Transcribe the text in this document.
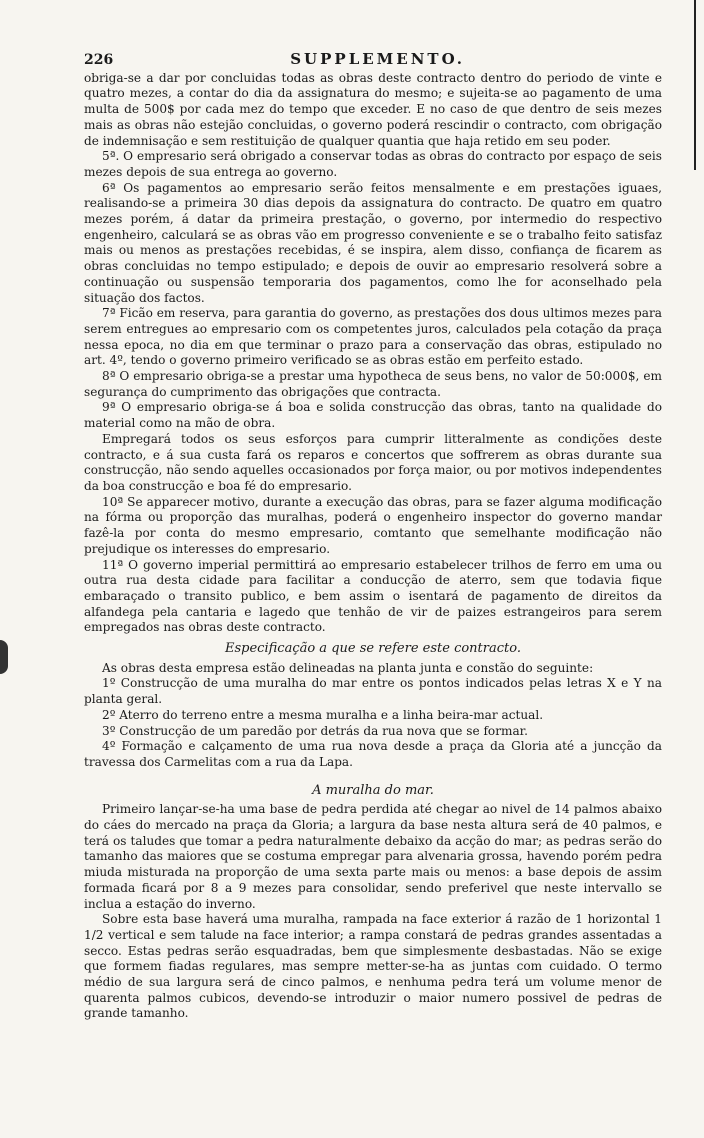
226	SUPPLEMENTO.

obriga-se a dar por concluidas todas as obras deste contracto dentro do periodo de vinte e quatro mezes, a contar do dia da assignatura do mesmo; e sujeita-se ao pagamento de uma multa de 500$ por cada mez do tempo que exceder. E no caso de que dentro de seis mezes mais as obras não estejão concluidas, o governo poderá rescindir o contracto, com obrigação de indemnisação e sem restituição de qualquer quantia que haja retido em seu poder.

5ª. O empresario será obrigado a conservar todas as obras do contracto por espaço de seis mezes depois de sua entrega ao governo.

6ª Os pagamentos ao empresario serão feitos mensalmente e em prestações iguaes, realisando-se a primeira 30 dias depois da assignatura do contracto. De quatro em quatro mezes porém, á datar da primeira prestação, o governo, por intermedio do respectivo engenheiro, calculará se as obras vão em progresso conveniente e se o trabalho feito satisfaz mais ou menos as prestações recebidas, é se inspira, alem disso, confiança de ficarem as obras concluidas no tempo estipulado; e depois de ouvir ao empresario resolverá sobre a continuação ou suspensão temporaria dos pagamentos, como lhe for aconselhado pela situação dos factos.

7ª Ficão em reserva, para garantia do governo, as prestações dos dous ultimos mezes para serem entregues ao empresario com os competentes juros, calculados pela cotação da praça nessa epoca, no dia em que terminar o prazo para a conservação das obras, estipulado no art. 4º, tendo o governo primeiro verificado se as obras estão em perfeito estado.

8ª O empresario obriga-se a prestar uma hypotheca de seus bens, no valor de 50:000$, em segurança do cumprimento das obrigações que contracta.

9ª O empresario obriga-se á boa e solida construcção das obras, tanto na qualidade do material como na mão de obra.

Empregará todos os seus esforços para cumprir litteralmente as condições deste contracto, e á sua custa fará os reparos e concertos que soffrerem as obras durante sua construcção, não sendo aquelles occasionados por força maior, ou por motivos independentes da boa construcção e boa fé do empresario.

10ª Se apparecer motivo, durante a execução das obras, para se fazer alguma modificação na fórma ou proporção das muralhas, poderá o engenheiro inspector do governo mandar fazê-la por conta do mesmo empresario, comtanto que semelhante modificação não prejudique os interesses do empresario.

11ª O governo imperial permittirá ao empresario estabelecer trilhos de ferro em uma ou outra rua desta cidade para facilitar a conducção de aterro, sem que todavia fique embaraçado o transito publico, e bem assim o isentará de pagamento de direitos da alfandega pela cantaria e lagedo que tenhão de vir de paizes estrangeiros para serem empregados nas obras deste contracto.

Especificação a que se refere este contracto.

As obras desta empresa estão delineadas na planta junta e constão do seguinte:

1º Construcção de uma muralha do mar entre os pontos indicados pelas letras X e Y na planta geral.

2º Aterro do terreno entre a mesma muralha e a linha beira-mar actual.

3º Construcção de um paredão por detrás da rua nova que se formar.

4º Formação e calçamento de uma rua nova desde a praça da Gloria até a juncção da travessa dos Carmelitas com a rua da Lapa.

A muralha do mar.

Primeiro lançar-se-ha uma base de pedra perdida até chegar ao nivel de 14 palmos abaixo do cáes do mercado na praça da Gloria; a largura da base nesta altura será de 40 palmos, e terá os taludes que tomar a pedra naturalmente debaixo da acção do mar; as pedras serão do tamanho das maiores que se costuma empregar para alvenaria grossa, havendo porém pedra miuda misturada na proporção de uma sexta parte mais ou menos: a base depois de assim formada ficará por 8 a 9 mezes para consolidar, sendo preferivel que neste intervallo se inclua a estação do inverno.

Sobre esta base haverá uma muralha, rampada na face exterior á razão de 1 horizontal 1 1/2 vertical e sem talude na face interior; a rampa constará de pedras grandes assentadas a secco. Estas pedras serão esquadradas, bem que simplesmente desbastadas. Não se exige que formem fiadas regulares, mas sempre metter-se-ha as juntas com cuidado. O termo médio de sua largura será de cinco palmos, e nenhuma pedra terá um volume menor de quarenta palmos cubicos, devendo-se introduzir o maior numero possivel de pedras de grande tamanho.
